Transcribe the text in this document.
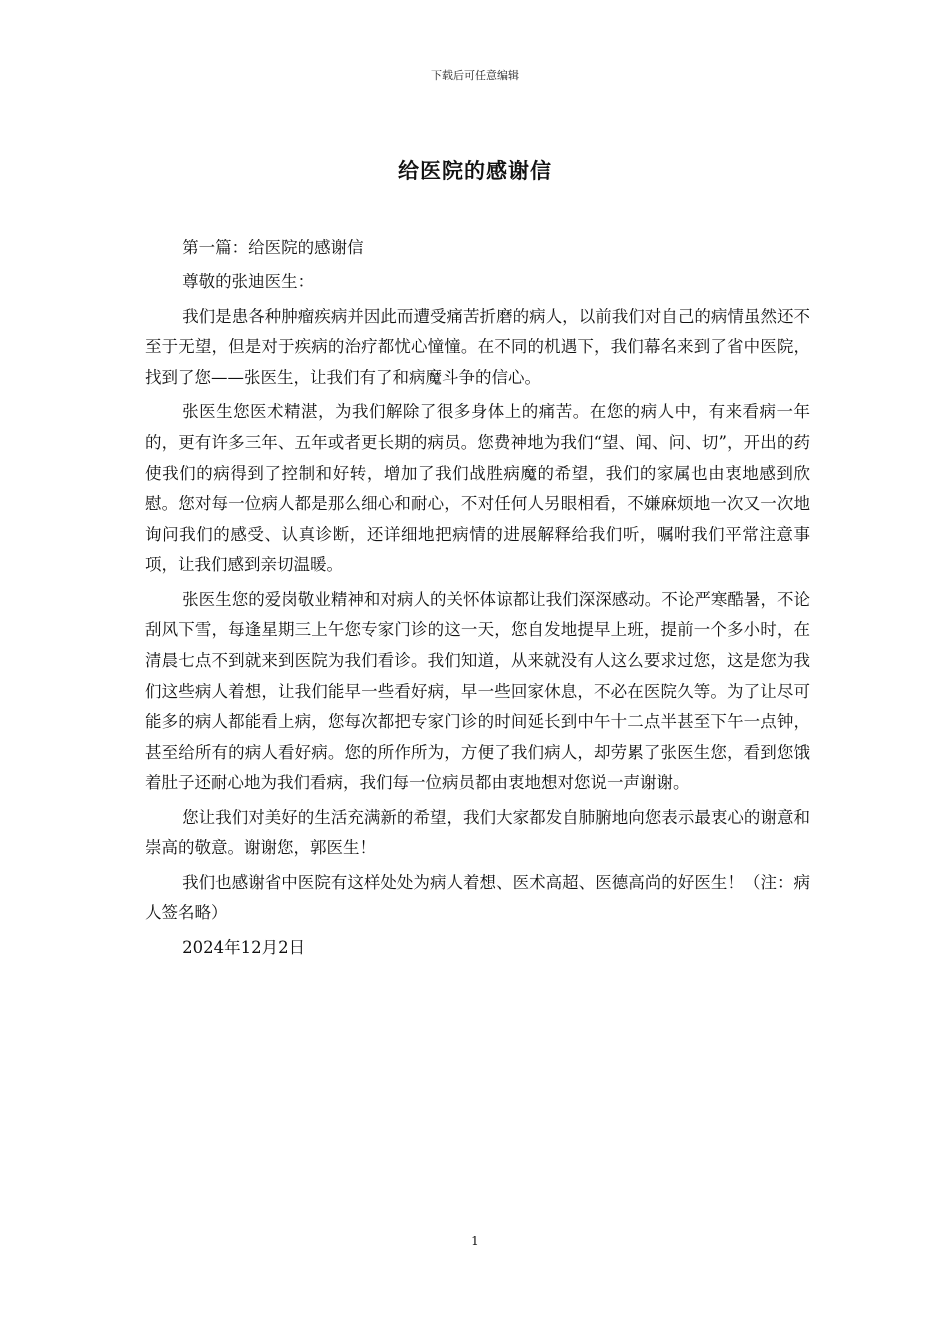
下载后可任意编辑
给医院的感谢信

第一篇：给医院的感谢信

尊敬的张迪医生：

我们是患各种肿瘤疾病并因此而遭受痛苦折磨的病人，以前我们对自己的病情虽然还不至于无望，但是对于疾病的治疗都忧心憧憧。在不同的机遇下，我们幕名来到了省中医院，找到了您——张医生，让我们有了和病魔斗争的信心。

张医生您医术精湛，为我们解除了很多身体上的痛苦。在您的病人中，有来看病一年的，更有许多三年、五年或者更长期的病员。您费神地为我们“望、闻、问、切”，开出的药使我们的病得到了控制和好转，增加了我们战胜病魔的希望，我们的家属也由衷地感到欣慰。您对每一位病人都是那么细心和耐心，不对任何人另眼相看，不嫌麻烦地一次又一次地询问我们的感受、认真诊断，还详细地把病情的进展解释给我们听，嘱咐我们平常注意事项，让我们感到亲切温暖。

张医生您的爱岗敬业精神和对病人的关怀体谅都让我们深深感动。不论严寒酷暑，不论刮风下雪，每逢星期三上午您专家门诊的这一天，您自发地提早上班，提前一个多小时，在清晨七点不到就来到医院为我们看诊。我们知道，从来就没有人这么要求过您，这是您为我们这些病人着想，让我们能早一些看好病，早一些回家休息，不必在医院久等。为了让尽可能多的病人都能看上病，您每次都把专家门诊的时间延长到中午十二点半甚至下午一点钟，甚至给所有的病人看好病。您的所作所为，方便了我们病人，却劳累了张医生您，看到您饿着肚子还耐心地为我们看病，我们每一位病员都由衷地想对您说一声谢谢。

您让我们对美好的生活充满新的希望，我们大家都发自肺腑地向您表示最衷心的谢意和崇高的敬意。谢谢您，郭医生！

我们也感谢省中医院有这样处处为病人着想、医术高超、医德高尚的好医生！（注：病人签名略）

2024年12月2日

1
